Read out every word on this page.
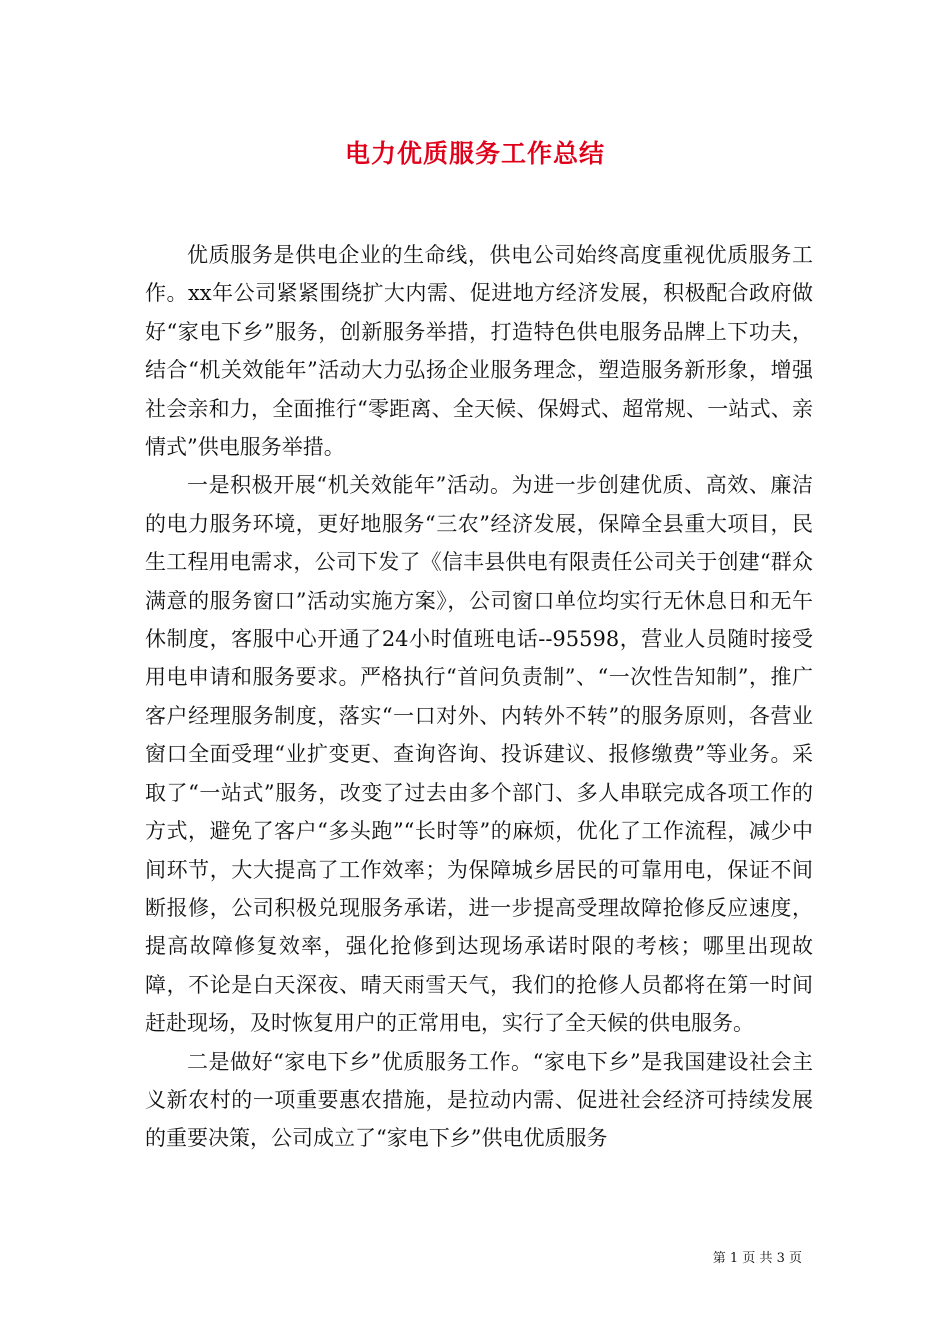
电力优质服务工作总结

优质服务是供电企业的生命线，供电公司始终高度重视优质服务工作。xx年公司紧紧围绕扩大内需、促进地方经济发展，积极配合政府做好“家电下乡”服务，创新服务举措，打造特色供电服务品牌上下功夫，结合“机关效能年”活动大力弘扬企业服务理念，塑造服务新形象，增强社会亲和力，全面推行“零距离、全天候、保姆式、超常规、一站式、亲情式”供电服务举措。

一是积极开展“机关效能年”活动。为进一步创建优质、高效、廉洁的电力服务环境，更好地服务“三农”经济发展，保障全县重大项目，民生工程用电需求，公司下发了《信丰县供电有限责任公司关于创建“群众满意的服务窗口”活动实施方案》，公司窗口单位均实行无休息日和无午休制度，客服中心开通了24小时值班电话--95598，营业人员随时接受用电申请和服务要求。严格执行“首问负责制”、“一次性告知制”，推广客户经理服务制度，落实“一口对外、内转外不转”的服务原则，各营业窗口全面受理“业扩变更、查询咨询、投诉建议、报修缴费”等业务。采取了“一站式”服务，改变了过去由多个部门、多人串联完成各项工作的方式，避免了客户“多头跑”“长时等”的麻烦，优化了工作流程，减少中间环节，大大提高了工作效率；为保障城乡居民的可靠用电，保证不间断报修，公司积极兑现服务承诺，进一步提高受理故障抢修反应速度，提高故障修复效率，强化抢修到达现场承诺时限的考核；哪里出现故障，不论是白天深夜、晴天雨雪天气，我们的抢修人员都将在第一时间赶赴现场，及时恢复用户的正常用电，实行了全天候的供电服务。

二是做好“家电下乡”优质服务工作。“家电下乡”是我国建设社会主义新农村的一项重要惠农措施，是拉动内需、促进社会经济可持续发展的重要决策，公司成立了“家电下乡”供电优质服务

第 1 页 共 3 页
